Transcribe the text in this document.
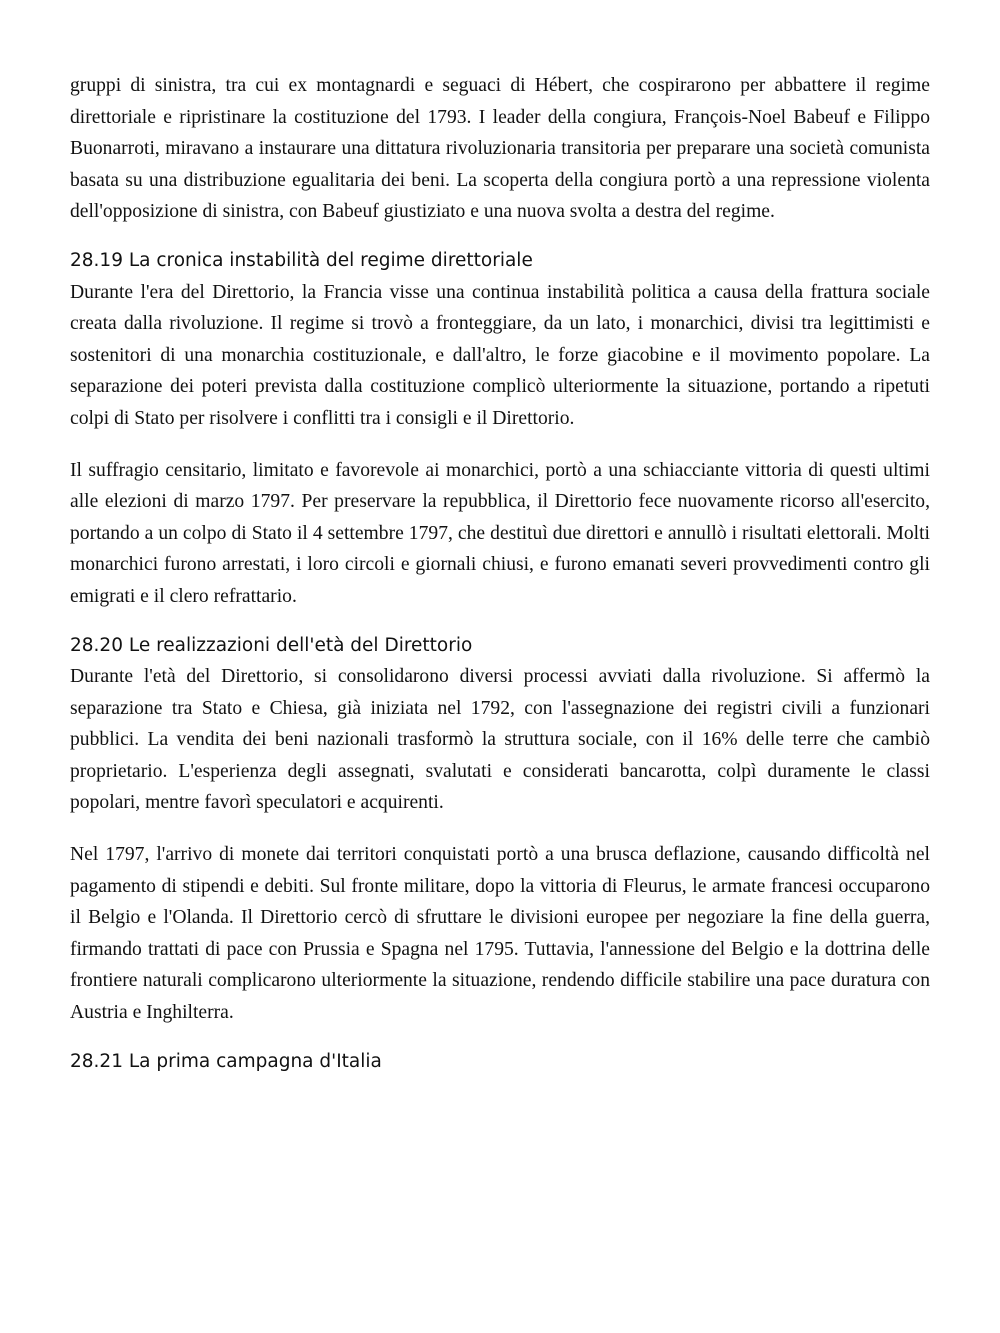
gruppi di sinistra, tra cui ex montagnardi e seguaci di Hébert, che cospirarono per abbattere il regime direttoriale e ripristinare la costituzione del 1793. I leader della congiura, François-Noel Babeuf e Filippo Buonarroti, miravano a instaurare una dittatura rivoluzionaria transitoria per preparare una società comunista basata su una distribuzione egualitaria dei beni. La scoperta della congiura portò a una repressione violenta dell'opposizione di sinistra, con Babeuf giustiziato e una nuova svolta a destra del regime.

28.19 La cronica instabilità del regime direttoriale

Durante l'era del Direttorio, la Francia visse una continua instabilità politica a causa della frattura sociale creata dalla rivoluzione. Il regime si trovò a fronteggiare, da un lato, i monarchici, divisi tra legittimisti e sostenitori di una monarchia costituzionale, e dall'altro, le forze giacobine e il movimento popolare. La separazione dei poteri prevista dalla costituzione complicò ulteriormente la situazione, portando a ripetuti colpi di Stato per risolvere i conflitti tra i consigli e il Direttorio.

Il suffragio censitario, limitato e favorevole ai monarchici, portò a una schiacciante vittoria di questi ultimi alle elezioni di marzo 1797. Per preservare la repubblica, il Direttorio fece nuovamente ricorso all'esercito, portando a un colpo di Stato il 4 settembre 1797, che destituì due direttori e annullò i risultati elettorali. Molti monarchici furono arrestati, i loro circoli e giornali chiusi, e furono emanati severi provvedimenti contro gli emigrati e il clero refrattario.

28.20 Le realizzazioni dell'età del Direttorio

Durante l'età del Direttorio, si consolidarono diversi processi avviati dalla rivoluzione. Si affermò la separazione tra Stato e Chiesa, già iniziata nel 1792, con l'assegnazione dei registri civili a funzionari pubblici. La vendita dei beni nazionali trasformò la struttura sociale, con il 16% delle terre che cambiò proprietario. L'esperienza degli assegnati, svalutati e considerati bancarotta, colpì duramente le classi popolari, mentre favorì speculatori e acquirenti.

Nel 1797, l'arrivo di monete dai territori conquistati portò a una brusca deflazione, causando difficoltà nel pagamento di stipendi e debiti. Sul fronte militare, dopo la vittoria di Fleurus, le armate francesi occuparono il Belgio e l'Olanda. Il Direttorio cercò di sfruttare le divisioni europee per negoziare la fine della guerra, firmando trattati di pace con Prussia e Spagna nel 1795. Tuttavia, l'annessione del Belgio e la dottrina delle frontiere naturali complicarono ulteriormente la situazione, rendendo difficile stabilire una pace duratura con Austria e Inghilterra.

28.21 La prima campagna d'Italia
